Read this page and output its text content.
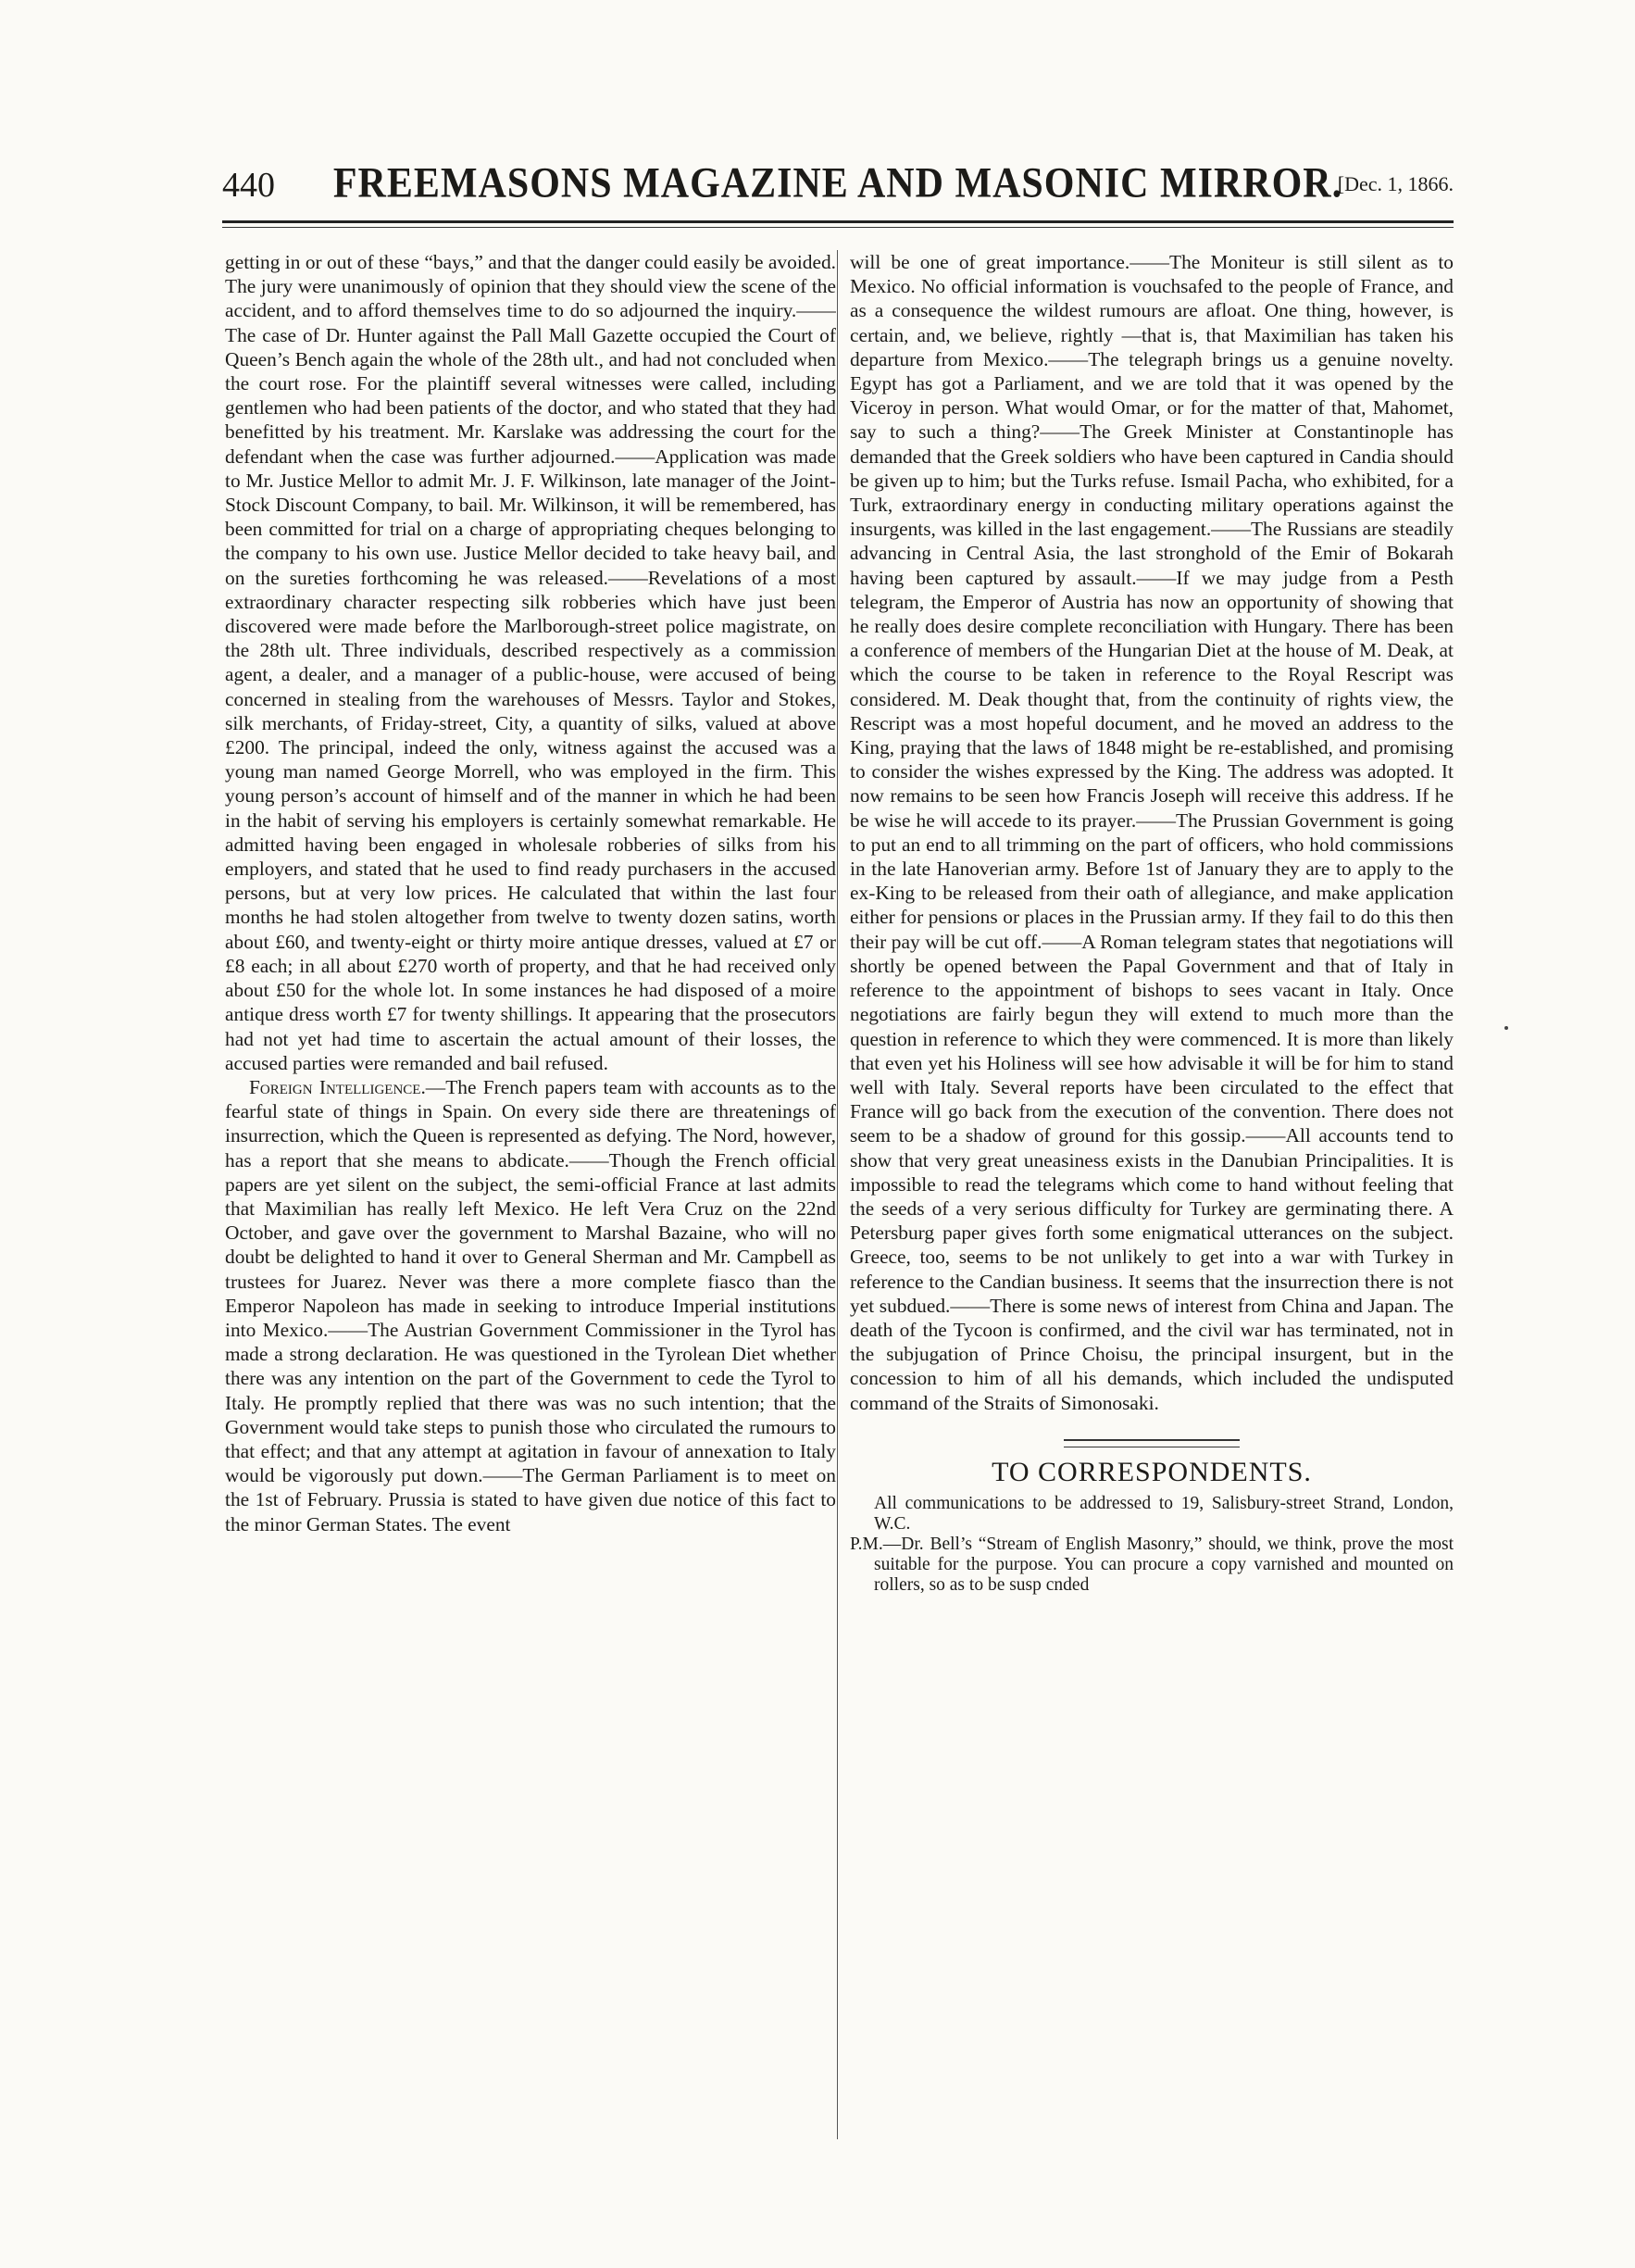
440	FREEMASONS MAGAZINE AND MASONIC MIRROR.
[Dec. 1, 1866.

getting in or out of these “bays,” and that the danger could easily be avoided. The jury were unanimously of opinion that they should view the scene of the accident, and to afford themselves time to do so adjourned the inquiry.——The case of Dr. Hunter against the Pall Mall Gazette occupied the Court of Queen’s Bench again the whole of the 28th ult., and had not concluded when the court rose. For the plaintiff several witnesses were called, including gentlemen who had been patients of the doctor, and who stated that they had benefitted by his treatment. Mr. Karslake was addressing the court for the defendant when the case was further adjourned.——Application was made to Mr. Justice Mellor to admit Mr. J. F. Wilkinson, late manager of the Joint-Stock Discount Company, to bail. Mr. Wilkinson, it will be remembered, has been committed for trial on a charge of appropriating cheques belonging to the company to his own use. Justice Mellor decided to take heavy bail, and on the sureties forthcoming he was released.——Revelations of a most extraordinary character respecting silk robberies which have just been discovered were made before the Marlborough-street police magistrate, on the 28th ult. Three individuals, described respectively as a commission agent, a dealer, and a manager of a public-house, were accused of being concerned in stealing from the warehouses of Messrs. Taylor and Stokes, silk merchants, of Friday-street, City, a quantity of silks, valued at above £200. The principal, indeed the only, witness against the accused was a young man named George Morrell, who was employed in the firm. This young person’s account of himself and of the manner in which he had been in the habit of serving his employers is certainly somewhat remarkable. He admitted having been engaged in wholesale robberies of silks from his employers, and stated that he used to find ready purchasers in the accused persons, but at very low prices. He calculated that within the last four months he had stolen altogether from twelve to twenty dozen satins, worth about £60, and twenty-eight or thirty moire antique dresses, valued at £7 or £8 each; in all about £270 worth of property, and that he had received only about £50 for the whole lot. In some instances he had disposed of a moire antique dress worth £7 for twenty shillings. It appearing that the prosecutors had not yet had time to ascertain the actual amount of their losses, the accused parties were remanded and bail refused.

Foreign Intelligence.—The French papers team with accounts as to the fearful state of things in Spain. On every side there are threatenings of insurrection, which the Queen is represented as defying. The Nord, however, has a report that she means to abdicate.——Though the French official papers are yet silent on the subject, the semi-official France at last admits that Maximilian has really left Mexico. He left Vera Cruz on the 22nd October, and gave over the government to Marshal Bazaine, who will no doubt be delighted to hand it over to General Sherman and Mr. Campbell as trustees for Juarez. Never was there a more complete fiasco than the Emperor Napoleon has made in seeking to introduce Imperial institutions into Mexico.——The Austrian Government Commissioner in the Tyrol has made a strong declaration. He was questioned in the Tyrolean Diet whether there was any intention on the part of the Government to cede the Tyrol to Italy. He promptly replied that there was was no such intention; that the Government would take steps to punish those who circulated the rumours to that effect; and that any attempt at agitation in favour of annexation to Italy would be vigorously put down.——The German Parliament is to meet on the 1st of February. Prussia is stated to have given due notice of this fact to the minor German States. The event

will be one of great importance.——The Moniteur is still silent as to Mexico. No official information is vouchsafed to the people of France, and as a consequence the wildest rumours are afloat. One thing, however, is certain, and, we believe, rightly —that is, that Maximilian has taken his departure from Mexico.——The telegraph brings us a genuine novelty. Egypt has got a Parliament, and we are told that it was opened by the Viceroy in person. What would Omar, or for the matter of that, Mahomet, say to such a thing?——The Greek Minister at Constantinople has demanded that the Greek soldiers who have been captured in Candia should be given up to him; but the Turks refuse. Ismail Pacha, who exhibited, for a Turk, extraordinary energy in conducting military operations against the insurgents, was killed in the last engagement.——The Russians are steadily advancing in Central Asia, the last stronghold of the Emir of Bokarah having been captured by assault.——If we may judge from a Pesth telegram, the Emperor of Austria has now an opportunity of showing that he really does desire complete reconciliation with Hungary. There has been a conference of members of the Hungarian Diet at the house of M. Deak, at which the course to be taken in reference to the Royal Rescript was considered. M. Deak thought that, from the continuity of rights view, the Rescript was a most hopeful document, and he moved an address to the King, praying that the laws of 1848 might be re-established, and promising to consider the wishes expressed by the King. The address was adopted. It now remains to be seen how Francis Joseph will receive this address. If he be wise he will accede to its prayer.——The Prussian Government is going to put an end to all trimming on the part of officers, who hold commissions in the late Hanoverian army. Before 1st of January they are to apply to the ex-King to be released from their oath of allegiance, and make application either for pensions or places in the Prussian army. If they fail to do this then their pay will be cut off.——A Roman telegram states that negotiations will shortly be opened between the Papal Government and that of Italy in reference to the appointment of bishops to sees vacant in Italy. Once negotiations are fairly begun they will extend to much more than the question in reference to which they were commenced. It is more than likely that even yet his Holiness will see how advisable it will be for him to stand well with Italy. Several reports have been circulated to the effect that France will go back from the execution of the convention. There does not seem to be a shadow of ground for this gossip.——All accounts tend to show that very great uneasiness exists in the Danubian Principalities. It is impossible to read the telegrams which come to hand without feeling that the seeds of a very serious difficulty for Turkey are germinating there. A Petersburg paper gives forth some enigmatical utterances on the subject. Greece, too, seems to be not unlikely to get into a war with Turkey in reference to the Candian business. It seems that the insurrection there is not yet subdued.——There is some news of interest from China and Japan. The death of the Tycoon is confirmed, and the civil war has terminated, not in the subjugation of Prince Choisu, the principal insurgent, but in the concession to him of all his demands, which included the undisputed command of the Straits of Simonosaki.

TO CORRESPONDENTS.

All communications to be addressed to 19, Salisbury-street Strand, London, W.C.

P.M.—Dr. Bell’s “Stream of English Masonry,” should, we think, prove the most suitable for the purpose. You can procure a copy varnished and mounted on rollers, so as to be susp cnded
